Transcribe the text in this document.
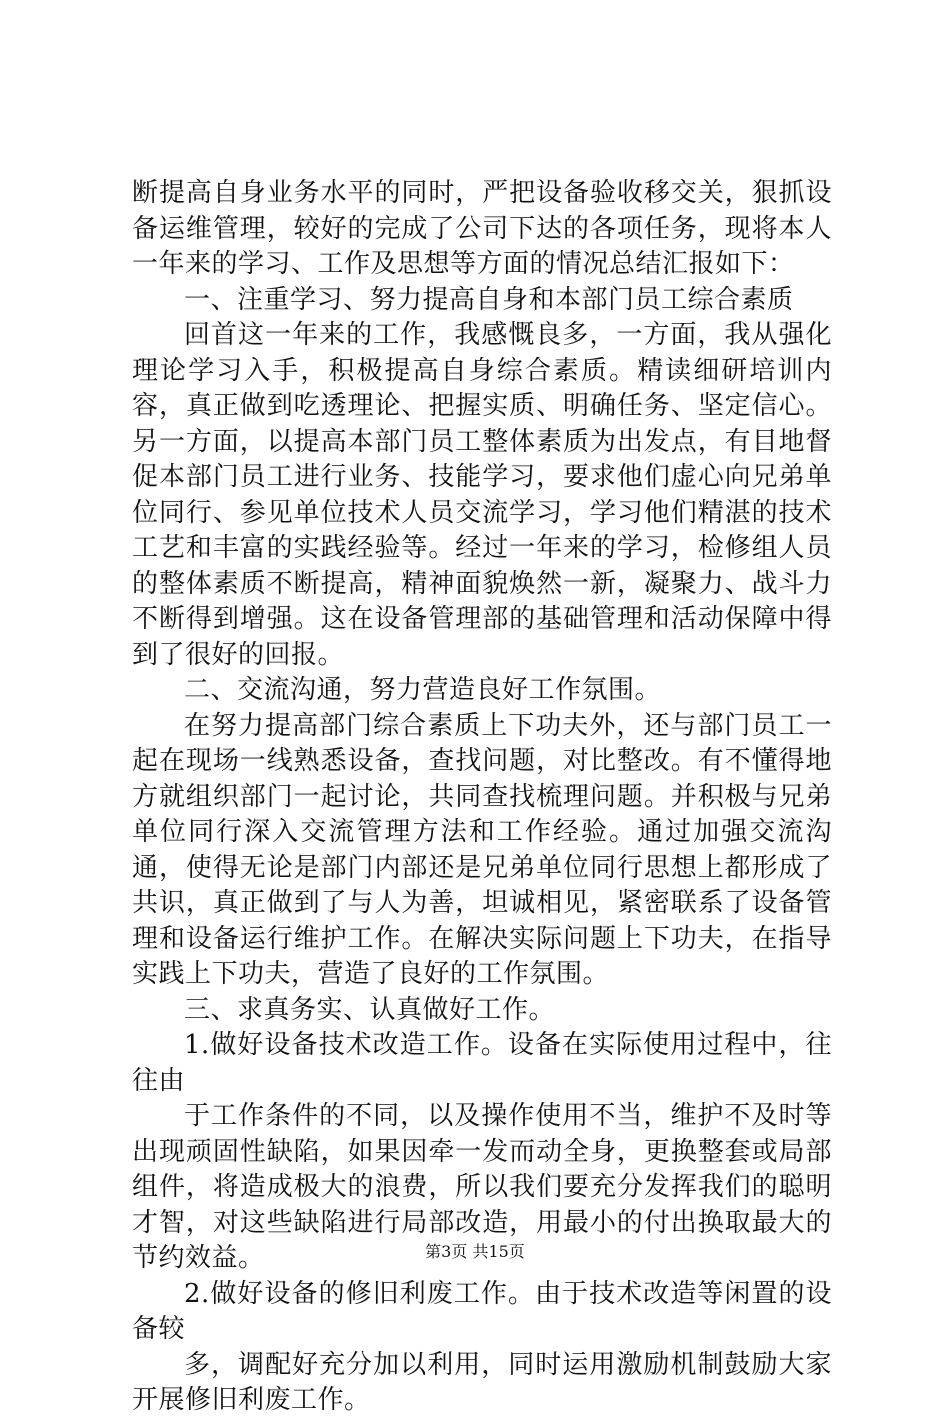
断提高自身业务水平的同时，严把设备验收移交关，狠抓设备运维管理，较好的完成了公司下达的各项任务，现将本人一年来的学习、工作及思想等方面的情况总结汇报如下：

一、注重学习、努力提高自身和本部门员工综合素质

回首这一年来的工作，我感慨良多，一方面，我从强化理论学习入手，积极提高自身综合素质。精读细研培训内容，真正做到吃透理论、把握实质、明确任务、坚定信心。另一方面，以提高本部门员工整体素质为出发点，有目地督促本部门员工进行业务、技能学习，要求他们虚心向兄弟单位同行、参见单位技术人员交流学习，学习他们精湛的技术工艺和丰富的实践经验等。经过一年来的学习，检修组人员的整体素质不断提高，精神面貌焕然一新，凝聚力、战斗力不断得到增强。这在设备管理部的基础管理和活动保障中得到了很好的回报。

二、交流沟通，努力营造良好工作氛围。

在努力提高部门综合素质上下功夫外，还与部门员工一起在现场一线熟悉设备，查找问题，对比整改。有不懂得地方就组织部门一起讨论，共同查找梳理问题。并积极与兄弟单位同行深入交流管理方法和工作经验。通过加强交流沟通，使得无论是部门内部还是兄弟单位同行思想上都形成了共识，真正做到了与人为善，坦诚相见，紧密联系了设备管理和设备运行维护工作。在解决实际问题上下功夫，在指导实践上下功夫，营造了良好的工作氛围。

三、求真务实、认真做好工作。

1.做好设备技术改造工作。设备在实际使用过程中，往往由

于工作条件的不同，以及操作使用不当，维护不及时等出现顽固性缺陷，如果因牵一发而动全身，更换整套或局部组件，将造成极大的浪费，所以我们要充分发挥我们的聪明才智，对这些缺陷进行局部改造，用最小的付出换取最大的节约效益。

2.做好设备的修旧利废工作。由于技术改造等闲置的设备较

多，调配好充分加以利用，同时运用激励机制鼓励大家开展修旧利废工作。

第3页 共15页
